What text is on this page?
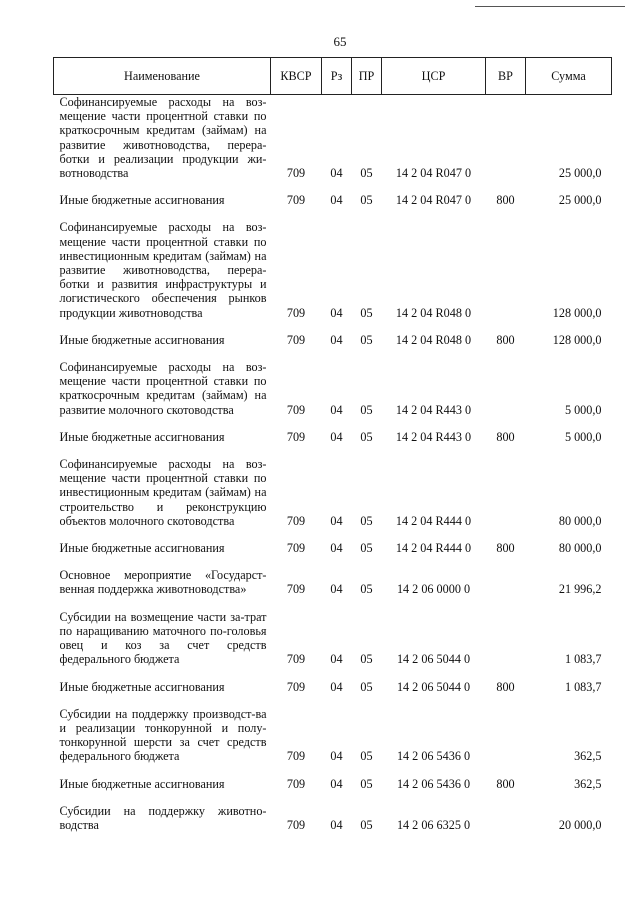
65
Наименование	КВСР	Рз	ПР	ЦСР	ВР	Сумма
Софинансируемые расходы на воз-мещение части процентной ставки по краткосрочным кредитам (займам) на развитие животноводства, перера-ботки и реализации продукции жи-вотноводства	709	04	05	14 2 04 R047 0		25 000,0
Иные бюджетные ассигнования	709	04	05	14 2 04 R047 0	800	25 000,0
Софинансируемые расходы на воз-мещение части процентной ставки по инвестиционным кредитам (займам) на развитие животноводства, перера-ботки и развития инфраструктуры и логистического обеспечения рынков продукции животноводства	709	04	05	14 2 04 R048 0		128 000,0
Иные бюджетные ассигнования	709	04	05	14 2 04 R048 0	800	128 000,0
Софинансируемые расходы на воз-мещение части процентной ставки по краткосрочным кредитам (займам) на развитие молочного скотоводства	709	04	05	14 2 04 R443 0		5 000,0
Иные бюджетные ассигнования	709	04	05	14 2 04 R443 0	800	5 000,0
Софинансируемые расходы на воз-мещение части процентной ставки по инвестиционным кредитам (займам) на строительство и реконструкцию объектов молочного скотоводства	709	04	05	14 2 04 R444 0		80 000,0
Иные бюджетные ассигнования	709	04	05	14 2 04 R444 0	800	80 000,0
Основное мероприятие «Государст-венная поддержка животноводства»	709	04	05	14 2 06 0000 0		21 996,2
Субсидии на возмещение части за-трат по наращиванию маточного по-головья овец и коз за счет средств федерального бюджета	709	04	05	14 2 06 5044 0		1 083,7
Иные бюджетные ассигнования	709	04	05	14 2 06 5044 0	800	1 083,7
Субсидии на поддержку производст-ва и реализации тонкорунной и полу-тонкорунной шерсти за счет средств федерального бюджета	709	04	05	14 2 06 5436 0		362,5
Иные бюджетные ассигнования	709	04	05	14 2 06 5436 0	800	362,5
Субсидии на поддержку животно-водства	709	04	05	14 2 06 6325 0		20 000,0
